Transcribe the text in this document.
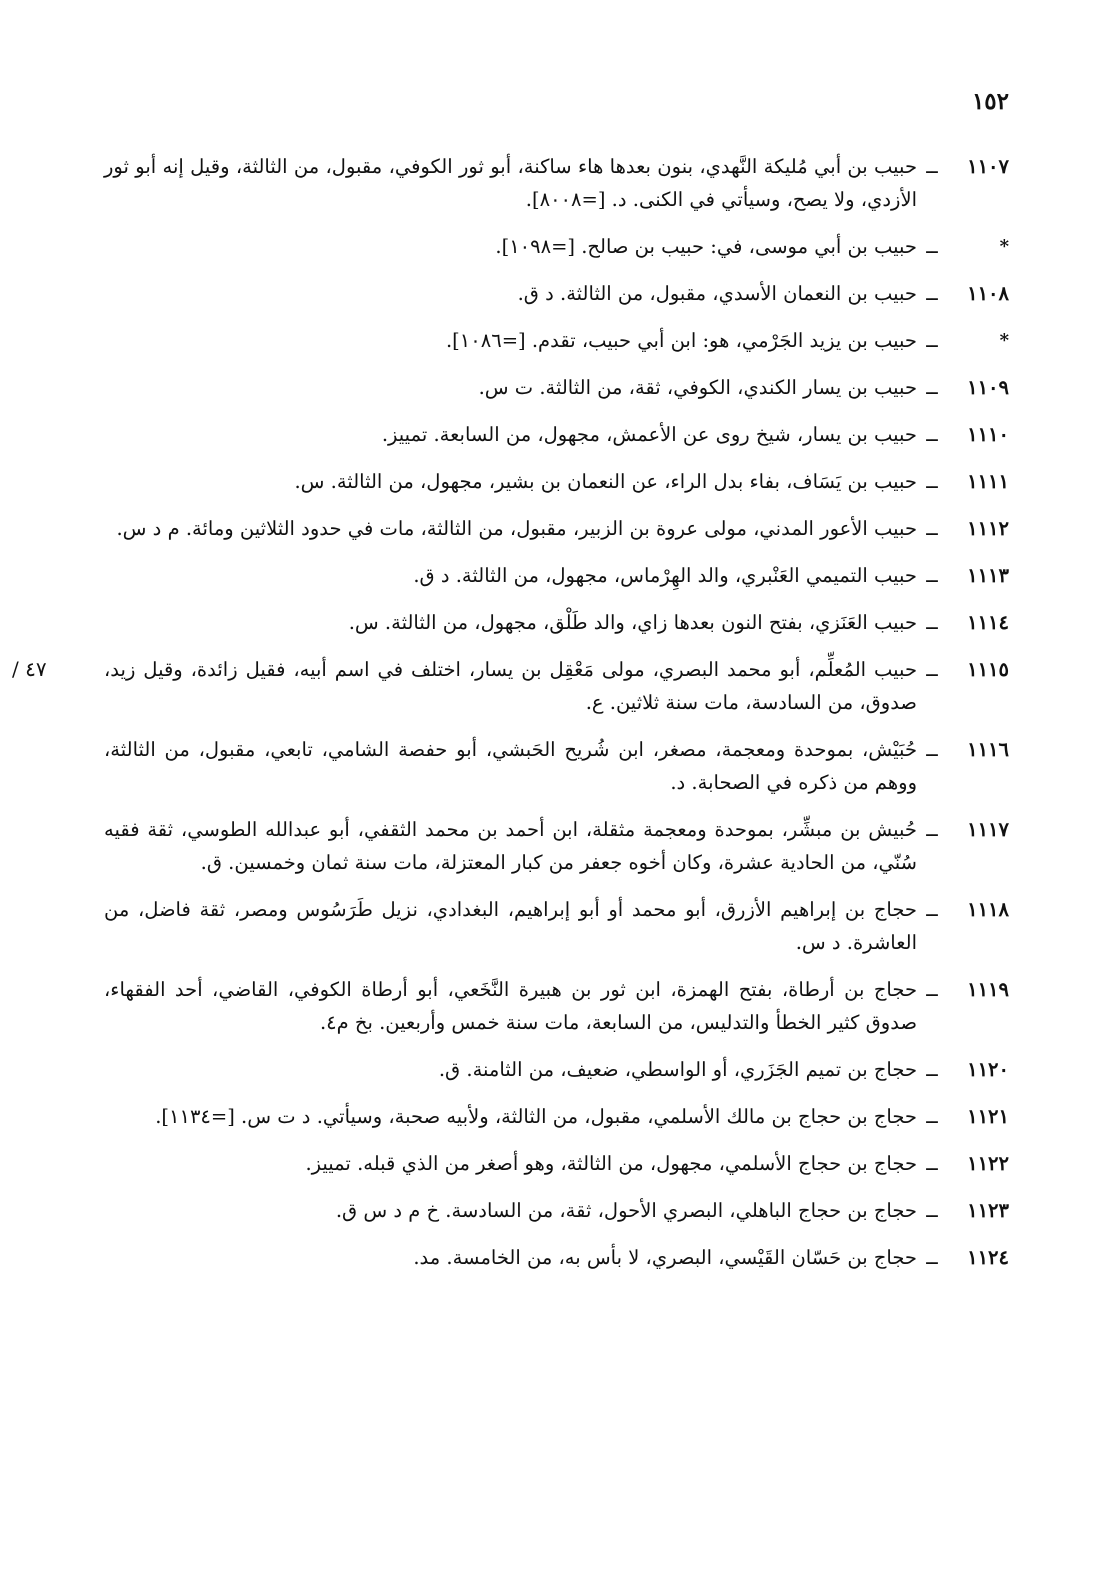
١٥٢
١١٠٧
ــ
حبيب بن أبي مُليكة النَّهدي، بنون بعدها هاء ساكنة، أبو ثور الكوفي، مقبول، من الثالثة، وقيل إنه أبو ثور الأزدي، ولا يصح، وسيأتي في الكنى. د. [=٨٠٠٨].
*
ــ
حبيب بن أبي موسى، في: حبيب بن صالح. [=١٠٩٨].
١١٠٨
ــ
حبيب بن النعمان الأسدي، مقبول، من الثالثة. د ق.
*
ــ
حبيب بن يزيد الجَرْمي، هو: ابن أبي حبيب، تقدم. [=١٠٨٦].
١١٠٩
ــ
حبيب بن يسار الكندي، الكوفي، ثقة، من الثالثة. ت س.
١١١٠
ــ
حبيب بن يسار، شيخ روى عن الأعمش، مجهول، من السابعة. تمييز.
١١١١
ــ
حبيب بن يَسَاف، بفاء بدل الراء، عن النعمان بن بشير، مجهول، من الثالثة. س.
١١١٢
ــ
حبيب الأعور المدني، مولى عروة بن الزبير، مقبول، من الثالثة، مات في حدود الثلاثين ومائة. م د س.
١١١٣
ــ
حبيب التميمي العَنْبري، والد الهِرْماس، مجهول، من الثالثة. د ق.
١١١٤
ــ
حبيب العَنَزي، بفتح النون بعدها زاي، والد طَلْق، مجهول، من الثالثة. س.
١١١٥
ــ
حبيب المُعلِّم، أبو محمد البصري، مولى مَعْقِل بن يسار، اختلف في اسم أبيه، فقيل زائدة، وقيل زيد، صدوق، من السادسة، مات سنة ثلاثين. ع.
٤٧ /
١١١٦
ــ
حُبَيْش، بموحدة ومعجمة، مصغر، ابن شُريح الحَبشي، أبو حفصة الشامي، تابعي، مقبول، من الثالثة، ووهم من ذكره في الصحابة. د.
١١١٧
ــ
حُبيش بن مبشِّر، بموحدة ومعجمة مثقلة، ابن أحمد بن محمد الثقفي، أبو عبدالله الطوسي، ثقة فقيه سُنّي، من الحادية عشرة، وكان أخوه جعفر من كبار المعتزلة، مات سنة ثمان وخمسين. ق.
١١١٨
ــ
حجاج بن إبراهيم الأزرق، أبو محمد أو أبو إبراهيم، البغدادي، نزيل طَرَسُوس ومصر، ثقة فاضل، من العاشرة. د س.
١١١٩
ــ
حجاج بن أرطاة، بفتح الهمزة، ابن ثور بن هبيرة النَّخَعي، أبو أرطاة الكوفي، القاضي، أحد الفقهاء، صدوق كثير الخطأ والتدليس، من السابعة، مات سنة خمس وأربعين. بخ م٤.
١١٢٠
ــ
حجاج بن تميم الجَزَري، أو الواسطي، ضعيف، من الثامنة. ق.
١١٢١
ــ
حجاج بن حجاج بن مالك الأسلمي، مقبول، من الثالثة، ولأبيه صحبة، وسيأتي. د ت س. [=١١٣٤].
١١٢٢
ــ
حجاج بن حجاج الأسلمي، مجهول، من الثالثة، وهو أصغر من الذي قبله. تمييز.
١١٢٣
ــ
حجاج بن حجاج الباهلي، البصري الأحول، ثقة، من السادسة. خ م د س ق.
١١٢٤
ــ
حجاج بن حَسّان القَيْسي، البصري، لا بأس به، من الخامسة. مد.
